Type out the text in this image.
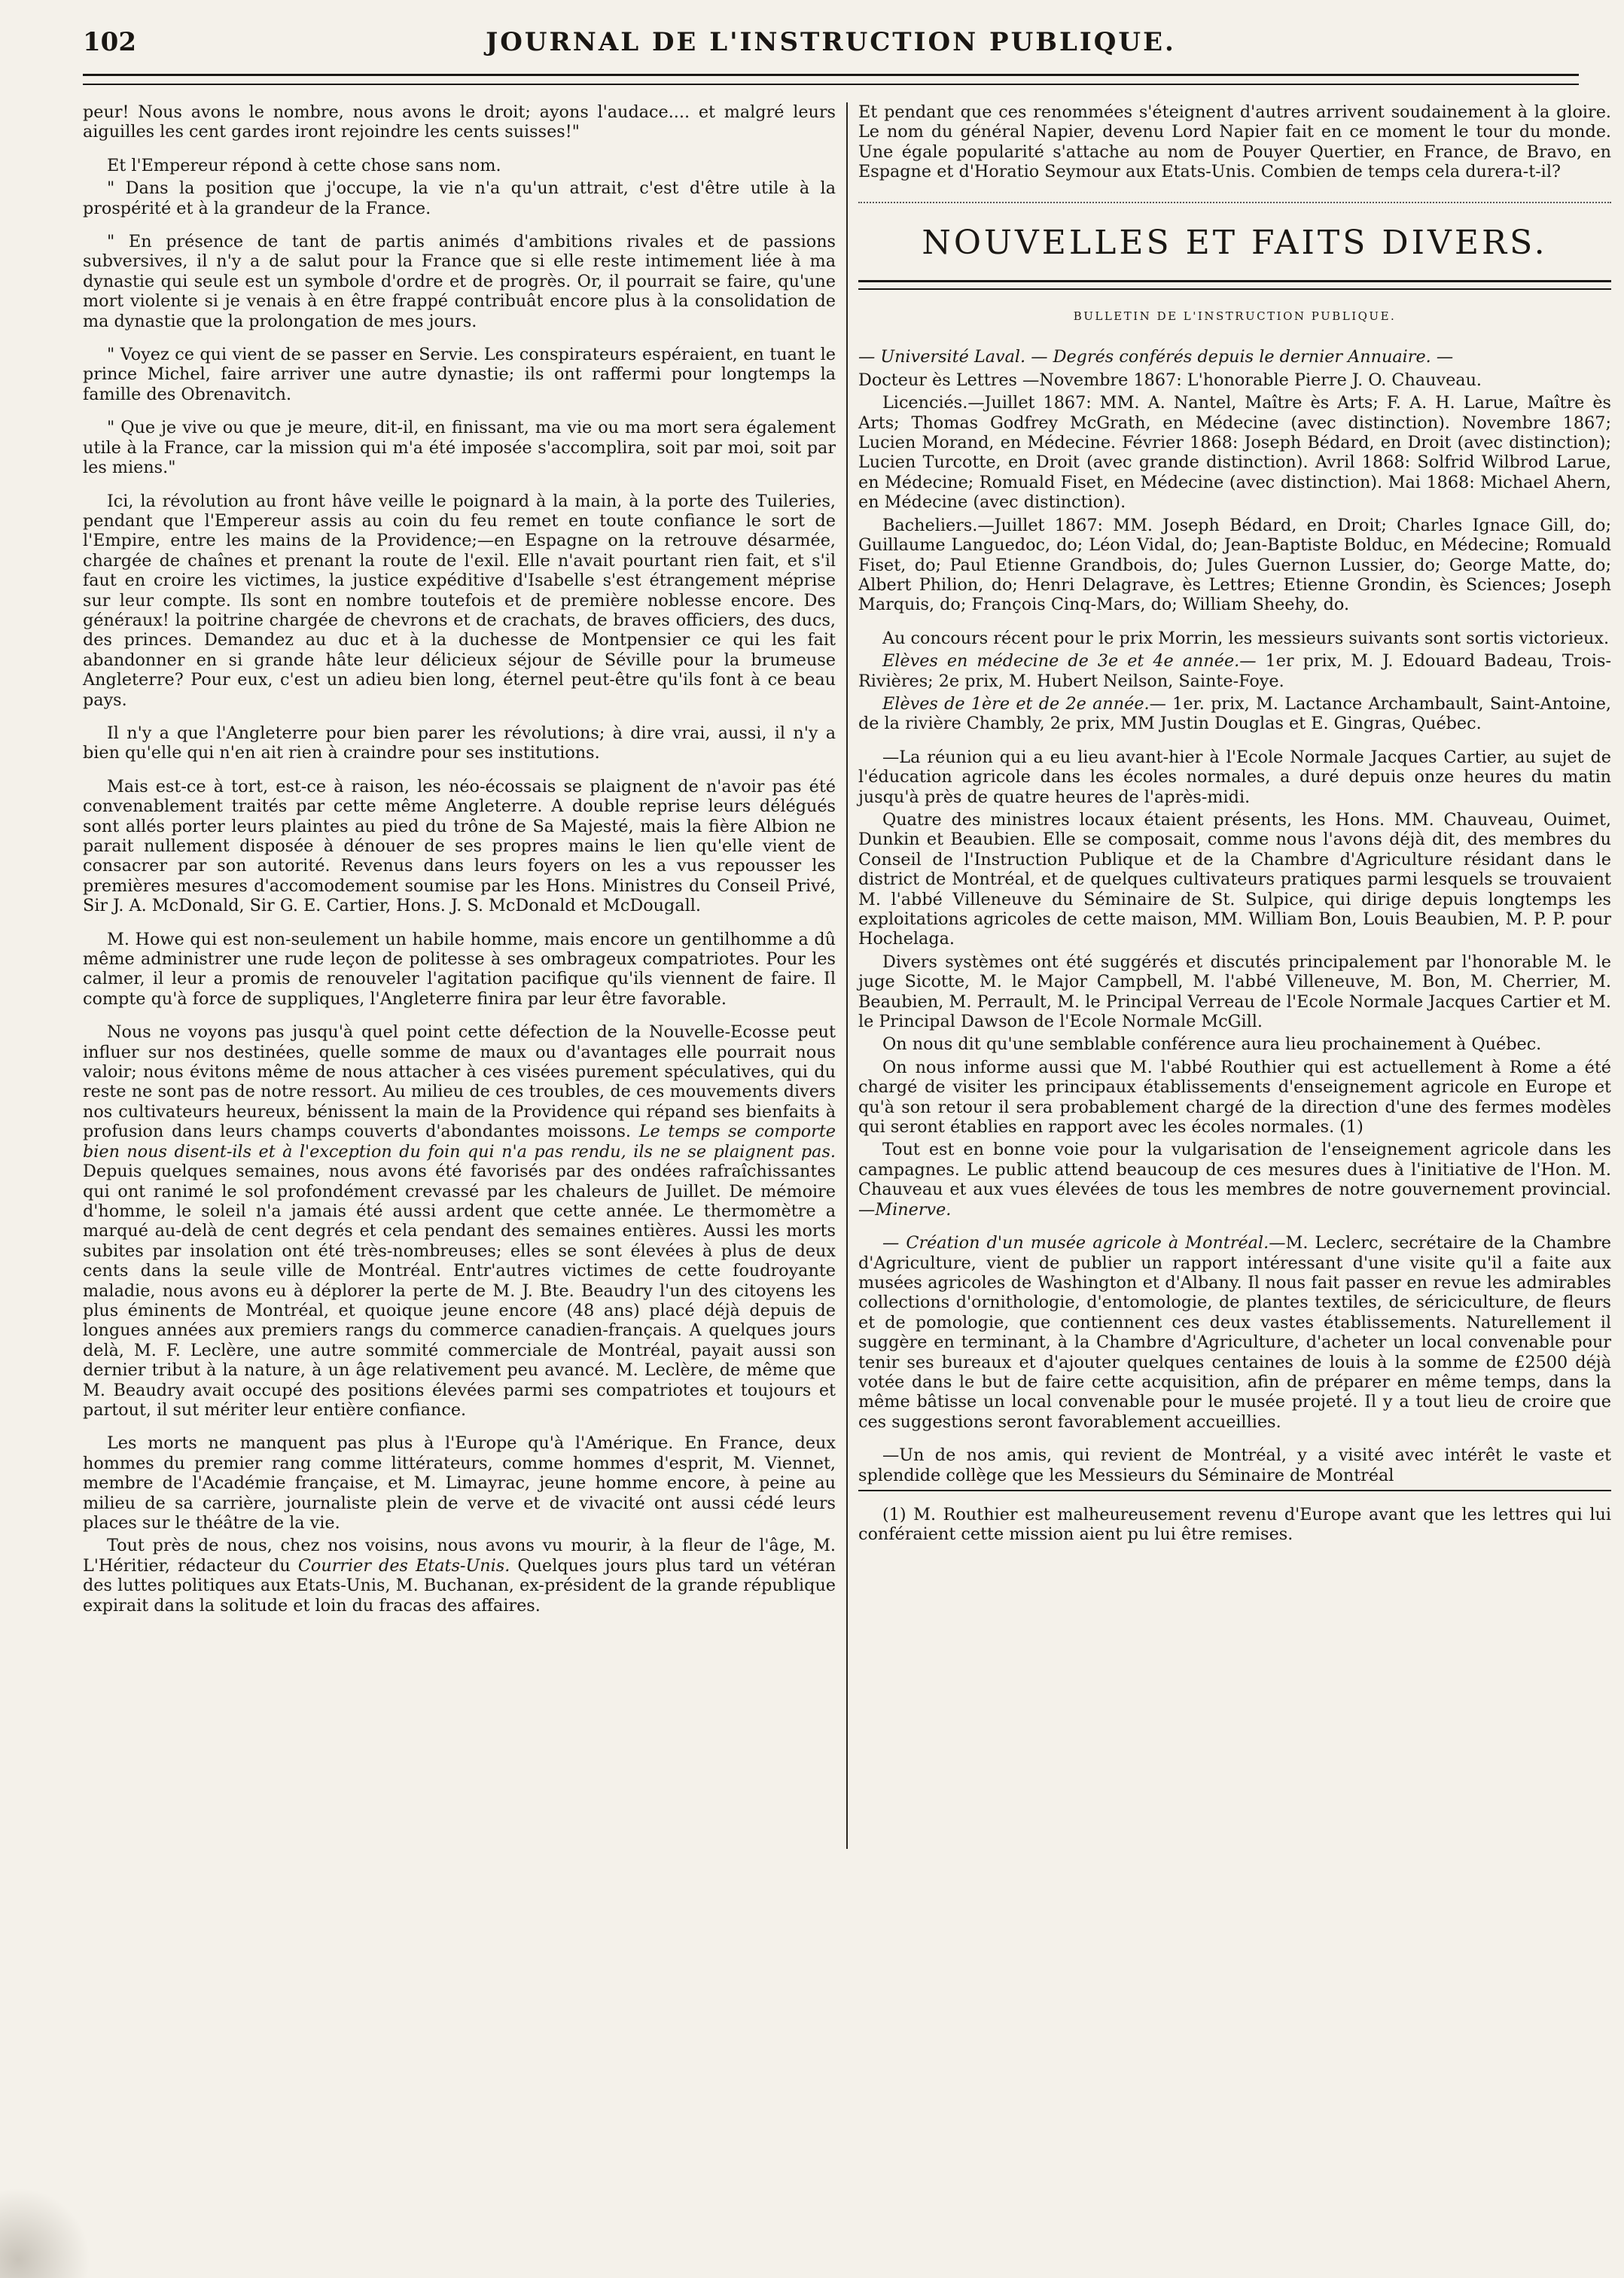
102	JOURNAL DE L'INSTRUCTION PUBLIQUE.

peur! Nous avons le nombre, nous avons le droit; ayons l'audace.... et malgré leurs aiguilles les cent gardes iront rejoindre les cents suisses!"

Et l'Empereur répond à cette chose sans nom.

" Dans la position que j'occupe, la vie n'a qu'un attrait, c'est d'être utile à la prospérité et à la grandeur de la France.

" En présence de tant de partis animés d'ambitions rivales et de passions subversives, il n'y a de salut pour la France que si elle reste intimement liée à ma dynastie qui seule est un symbole d'ordre et de progrès. Or, il pourrait se faire, qu'une mort violente si je venais à en être frappé contribuât encore plus à la consolidation de ma dynastie que la prolongation de mes jours.

" Voyez ce qui vient de se passer en Servie. Les conspirateurs espéraient, en tuant le prince Michel, faire arriver une autre dynastie; ils ont raffermi pour longtemps la famille des Obrenavitch.

" Que je vive ou que je meure, dit-il, en finissant, ma vie ou ma mort sera également utile à la France, car la mission qui m'a été imposée s'accomplira, soit par moi, soit par les miens."

Ici, la révolution au front hâve veille le poignard à la main, à la porte des Tuileries, pendant que l'Empereur assis au coin du feu remet en toute confiance le sort de l'Empire, entre les mains de la Providence;—en Espagne on la retrouve désarmée, chargée de chaînes et prenant la route de l'exil. Elle n'avait pourtant rien fait, et s'il faut en croire les victimes, la justice expéditive d'Isabelle s'est étrangement méprise sur leur compte. Ils sont en nombre toutefois et de première noblesse encore. Des généraux! la poitrine chargée de chevrons et de crachats, de braves officiers, des ducs, des princes. Demandez au duc et à la duchesse de Montpensier ce qui les fait abandonner en si grande hâte leur délicieux séjour de Séville pour la brumeuse Angleterre? Pour eux, c'est un adieu bien long, éternel peut-être qu'ils font à ce beau pays.

Il n'y a que l'Angleterre pour bien parer les révolutions; à dire vrai, aussi, il n'y a bien qu'elle qui n'en ait rien à craindre pour ses institutions.

Mais est-ce à tort, est-ce à raison, les néo-écossais se plaignent de n'avoir pas été convenablement traités par cette même Angleterre. A double reprise leurs délégués sont allés porter leurs plaintes au pied du trône de Sa Majesté, mais la fière Albion ne parait nullement disposée à dénouer de ses propres mains le lien qu'elle vient de consacrer par son autorité. Revenus dans leurs foyers on les a vus repousser les premières mesures d'accomodement soumise par les Hons. Ministres du Conseil Privé, Sir J. A. McDonald, Sir G. E. Cartier, Hons. J. S. McDonald et McDougall.

M. Howe qui est non-seulement un habile homme, mais encore un gentilhomme a dû même administrer une rude leçon de politesse à ses ombrageux compatriotes. Pour les calmer, il leur a promis de renouveler l'agitation pacifique qu'ils viennent de faire. Il compte qu'à force de suppliques, l'Angleterre finira par leur être favorable.

Nous ne voyons pas jusqu'à quel point cette défection de la Nouvelle-Ecosse peut influer sur nos destinées, quelle somme de maux ou d'avantages elle pourrait nous valoir; nous évitons même de nous attacher à ces visées purement spéculatives, qui du reste ne sont pas de notre ressort. Au milieu de ces troubles, de ces mouvements divers nos cultivateurs heureux, bénissent la main de la Providence qui répand ses bienfaits à profusion dans leurs champs couverts d'abondantes moissons. Le temps se comporte bien nous disent-ils et à l'exception du foin qui n'a pas rendu, ils ne se plaignent pas. Depuis quelques semaines, nous avons été favorisés par des ondées rafraîchissantes qui ont ranimé le sol profondément crevassé par les chaleurs de Juillet. De mémoire d'homme, le soleil n'a jamais été aussi ardent que cette année. Le thermomètre a marqué au-delà de cent degrés et cela pendant des semaines entières. Aussi les morts subites par insolation ont été très-nombreuses; elles se sont élevées à plus de deux cents dans la seule ville de Montréal. Entr'autres victimes de cette foudroyante maladie, nous avons eu à déplorer la perte de M. J. Bte. Beaudry l'un des citoyens les plus éminents de Montréal, et quoique jeune encore (48 ans) placé déjà depuis de longues années aux premiers rangs du commerce canadien-français. A quelques jours delà, M. F. Leclère, une autre sommité commerciale de Montréal, payait aussi son dernier tribut à la nature, à un âge relativement peu avancé. M. Leclère, de même que M. Beaudry avait occupé des positions élevées parmi ses compatriotes et toujours et partout, il sut mériter leur entière confiance.

Les morts ne manquent pas plus à l'Europe qu'à l'Amérique. En France, deux hommes du premier rang comme littérateurs, comme hommes d'esprit, M. Viennet, membre de l'Académie française, et M. Limayrac, jeune homme encore, à peine au milieu de sa carrière, journaliste plein de verve et de vivacité ont aussi cédé leurs places sur le théâtre de la vie.

Tout près de nous, chez nos voisins, nous avons vu mourir, à la fleur de l'âge, M. L'Héritier, rédacteur du Courrier des Etats-Unis. Quelques jours plus tard un vétéran des luttes politiques aux Etats-Unis, M. Buchanan, ex-président de la grande république expirait dans la solitude et loin du fracas des affaires.

Et pendant que ces renommées s'éteignent d'autres arrivent soudainement à la gloire. Le nom du général Napier, devenu Lord Napier fait en ce moment le tour du monde. Une égale popularité s'attache au nom de Pouyer Quertier, en France, de Bravo, en Espagne et d'Horatio Seymour aux Etats-Unis. Combien de temps cela durera-t-il?

NOUVELLES ET FAITS DIVERS.
BULLETIN DE L'INSTRUCTION PUBLIQUE.

— Université Laval. — Degrés conférés depuis le dernier Annuaire. —

Docteur ès Lettres —Novembre 1867: L'honorable Pierre J. O. Chauveau.

Licenciés.—Juillet 1867: MM. A. Nantel, Maître ès Arts; F. A. H. Larue, Maître ès Arts; Thomas Godfrey McGrath, en Médecine (avec distinction). Novembre 1867; Lucien Morand, en Médecine. Février 1868: Joseph Bédard, en Droit (avec distinction); Lucien Turcotte, en Droit (avec grande distinction). Avril 1868: Solfrid Wilbrod Larue, en Médecine; Romuald Fiset, en Médecine (avec distinction). Mai 1868: Michael Ahern, en Médecine (avec distinction).

Bacheliers.—Juillet 1867: MM. Joseph Bédard, en Droit; Charles Ignace Gill, do; Guillaume Languedoc, do; Léon Vidal, do; Jean-Baptiste Bolduc, en Médecine; Romuald Fiset, do; Paul Etienne Grandbois, do; Jules Guernon Lussier, do; George Matte, do; Albert Philion, do; Henri Delagrave, ès Lettres; Etienne Grondin, ès Sciences; Joseph Marquis, do; François Cinq-Mars, do; William Sheehy, do.

Au concours récent pour le prix Morrin, les messieurs suivants sont sortis victorieux.

Elèves en médecine de 3e et 4e année.— 1er prix, M. J. Edouard Badeau, Trois-Rivières; 2e prix, M. Hubert Neilson, Sainte-Foye.

Elèves de 1ère et de 2e année.— 1er. prix, M. Lactance Archambault, Saint-Antoine, de la rivière Chambly, 2e prix, MM Justin Douglas et E. Gingras, Québec.

—La réunion qui a eu lieu avant-hier à l'Ecole Normale Jacques Cartier, au sujet de l'éducation agricole dans les écoles normales, a duré depuis onze heures du matin jusqu'à près de quatre heures de l'après-midi.

Quatre des ministres locaux étaient présents, les Hons. MM. Chauveau, Ouimet, Dunkin et Beaubien. Elle se composait, comme nous l'avons déjà dit, des membres du Conseil de l'Instruction Publique et de la Chambre d'Agriculture résidant dans le district de Montréal, et de quelques cultivateurs pratiques parmi lesquels se trouvaient M. l'abbé Villeneuve du Séminaire de St. Sulpice, qui dirige depuis longtemps les exploitations agricoles de cette maison, MM. William Bon, Louis Beaubien, M. P. P. pour Hochelaga.

Divers systèmes ont été suggérés et discutés principalement par l'honorable M. le juge Sicotte, M. le Major Campbell, M. l'abbé Villeneuve, M. Bon, M. Cherrier, M. Beaubien, M. Perrault, M. le Principal Verreau de l'Ecole Normale Jacques Cartier et M. le Principal Dawson de l'Ecole Normale McGill.

On nous dit qu'une semblable conférence aura lieu prochainement à Québec.

On nous informe aussi que M. l'abbé Routhier qui est actuellement à Rome a été chargé de visiter les principaux établissements d'enseignement agricole en Europe et qu'à son retour il sera probablement chargé de la direction d'une des fermes modèles qui seront établies en rapport avec les écoles normales. (1)

Tout est en bonne voie pour la vulgarisation de l'enseignement agricole dans les campagnes. Le public attend beaucoup de ces mesures dues à l'initiative de l'Hon. M. Chauveau et aux vues élevées de tous les membres de notre gouvernement provincial.—Minerve.

— Création d'un musée agricole à Montréal.—M. Leclerc, secrétaire de la Chambre d'Agriculture, vient de publier un rapport intéressant d'une visite qu'il a faite aux musées agricoles de Washington et d'Albany. Il nous fait passer en revue les admirables collections d'ornithologie, d'entomologie, de plantes textiles, de sériciculture, de fleurs et de pomologie, que contiennent ces deux vastes établissements. Naturellement il suggère en terminant, à la Chambre d'Agriculture, d'acheter un local convenable pour tenir ses bureaux et d'ajouter quelques centaines de louis à la somme de £2500 déjà votée dans le but de faire cette acquisition, afin de préparer en même temps, dans la même bâtisse un local convenable pour le musée projeté. Il y a tout lieu de croire que ces suggestions seront favorablement accueillies.

—Un de nos amis, qui revient de Montréal, y a visité avec intérêt le vaste et splendide collège que les Messieurs du Séminaire de Montréal

(1) M. Routhier est malheureusement revenu d'Europe avant que les lettres qui lui conféraient cette mission aient pu lui être remises.
